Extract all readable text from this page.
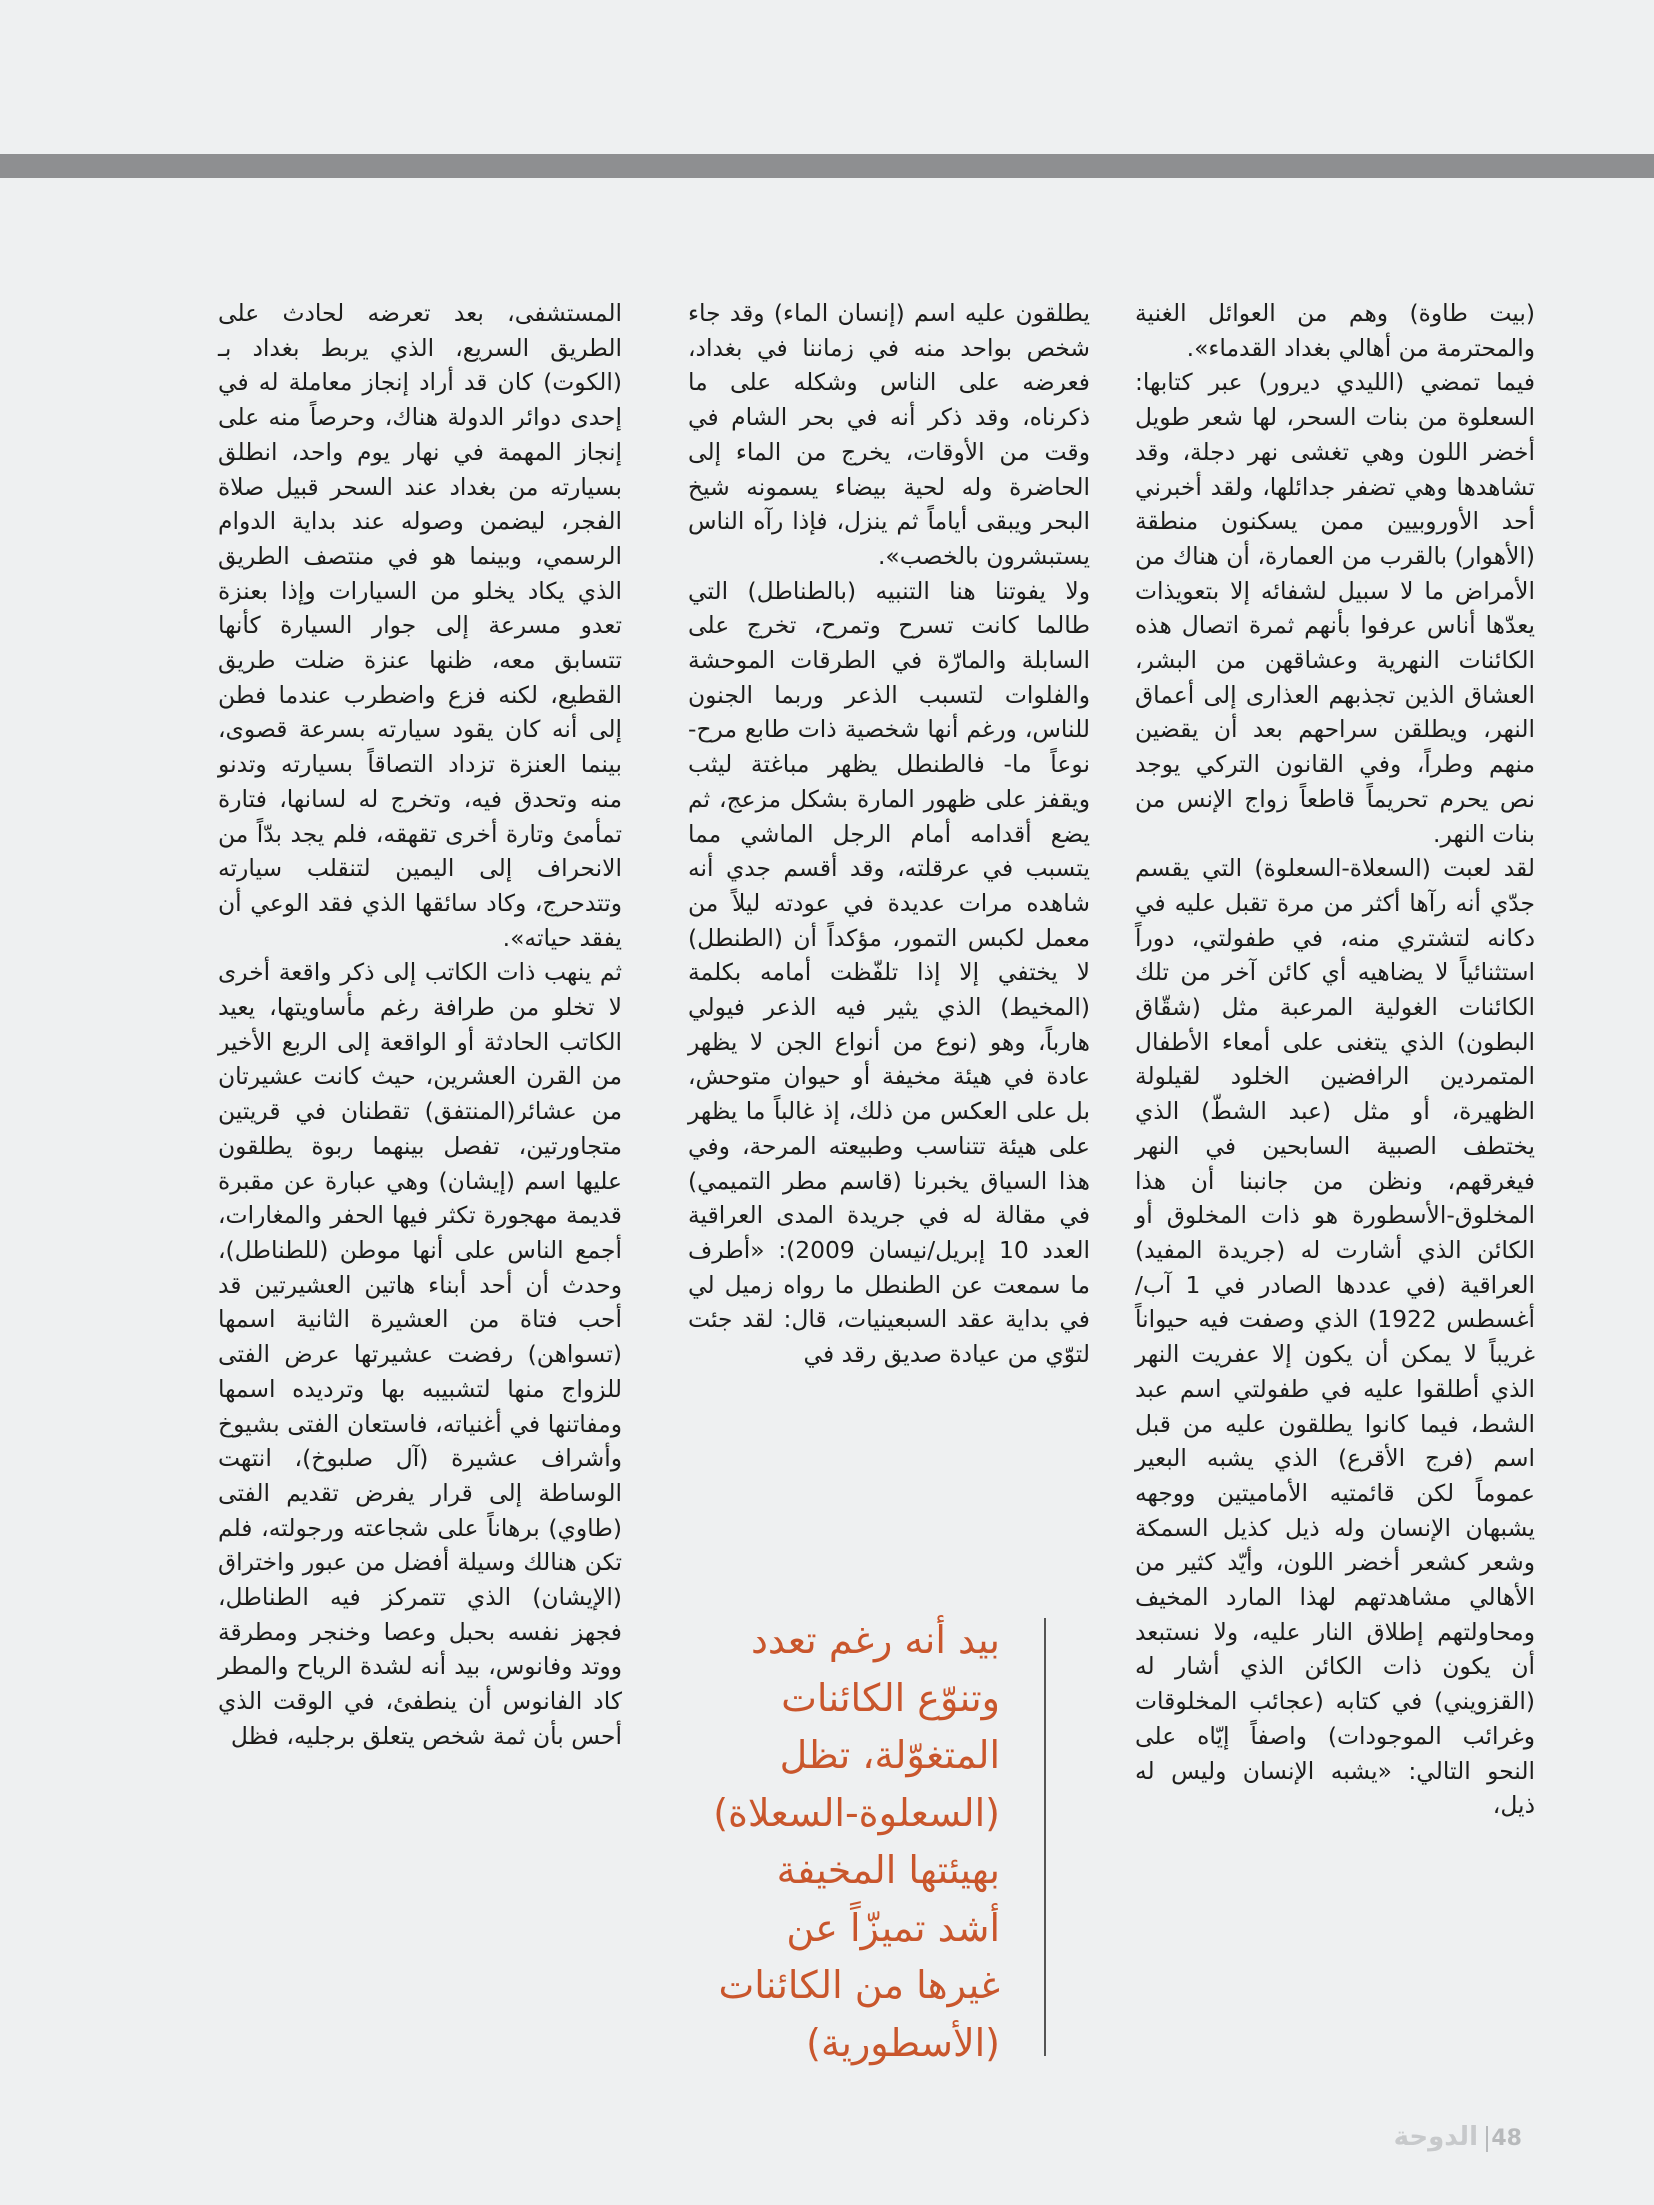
(بيت طاوة) وهم من العوائل الغنية والمحترمة من أهالي بغداد القدماء».
فيما تمضي (الليدي ديرور) عبر كتابها: السعلوة من بنات السحر، لها شعر طويل أخضر اللون وهي تغشى نهر دجلة، وقد تشاهدها وهي تضفر جدائلها، ولقد أخبرني أحد الأوروبيين ممن يسكنون منطقة (الأهوار) بالقرب من العمارة، أن هناك من الأمراض ما لا سبيل لشفائه إلا بتعويذات يعدّها أناس عرفوا بأنهم ثمرة اتصال هذه الكائنات النهرية وعشاقهن من البشر، العشاق الذين تجذبهم العذارى إلى أعماق النهر، ويطلقن سراحهم بعد أن يقضين منهم وطراً، وفي القانون التركي يوجد نص يحرم تحريماً قاطعاً زواج الإنس من بنات النهر.
لقد لعبت (السعلاة-السعلوة) التي يقسم جدّي أنه رآها أكثر من مرة تقبل عليه في دكانه لتشتري منه، في طفولتي، دوراً استثنائياً لا يضاهيه أي كائن آخر من تلك الكائنات الغولية المرعبة مثل (شقّاق البطون) الذي يتغنى على أمعاء الأطفال المتمردين الرافضين الخلود لقيلولة الظهيرة، أو مثل (عبد الشطّ) الذي يختطف الصبية السابحين في النهر فيغرقهم، ونظن من جانبنا أن هذا المخلوق-الأسطورة هو ذات المخلوق أو الكائن الذي أشارت له (جريدة المفيد) العراقية (في عددها الصادر في 1 آب/أغسطس 1922) الذي وصفت فيه حيواناً غريباً لا يمكن أن يكون إلا عفريت النهر الذي أطلقوا عليه في طفولتي اسم عبد الشط، فيما كانوا يطلقون عليه من قبل اسم (فرج الأقرع) الذي يشبه البعير عموماً لكن قائمتيه الأماميتين ووجهه يشبهان الإنسان وله ذيل كذيل السمكة وشعر كشعر أخضر اللون، وأيّد كثير من الأهالي مشاهدتهم لهذا المارد المخيف ومحاولتهم إطلاق النار عليه، ولا نستبعد أن يكون ذات الكائن الذي أشار له (القزويني) في كتابه (عجائب المخلوقات وغرائب الموجودات) واصفاً إيّاه على النحو التالي: «يشبه الإنسان وليس له ذيل،

يطلقون عليه اسم (إنسان الماء) وقد جاء شخص بواحد منه في زماننا في بغداد، فعرضه على الناس وشكله على ما ذكرناه، وقد ذكر أنه في بحر الشام في وقت من الأوقات، يخرج من الماء إلى الحاضرة وله لحية بيضاء يسمونه شيخ البحر ويبقى أياماً ثم ينزل، فإذا رآه الناس يستبشرون بالخصب».
ولا يفوتنا هنا التنبيه (بالطناطل) التي طالما كانت تسرح وتمرح، تخرج على السابلة والمارّة في الطرقات الموحشة والفلوات لتسبب الذعر وربما الجنون للناس، ورغم أنها شخصية ذات طابع مرح-نوعاً ما- فالطنطل يظهر مباغتة ليثب ويقفز على ظهور المارة بشكل مزعج، ثم يضع أقدامه أمام الرجل الماشي مما يتسبب في عرقلته، وقد أقسم جدي أنه شاهده مرات عديدة في عودته ليلاً من معمل لكبس التمور، مؤكداً أن (الطنطل) لا يختفي إلا إذا تلفّظت أمامه بكلمة (المخيط) الذي يثير فيه الذعر فيولي هارباً، وهو (نوع من أنواع الجن لا يظهر عادة في هيئة مخيفة أو حيوان متوحش، بل على العكس من ذلك، إذ غالباً ما يظهر على هيئة تتناسب وطبيعته المرحة، وفي هذا السياق يخبرنا (قاسم مطر التميمي) في مقالة له في جريدة المدى العراقية العدد 10 إبريل/نيسان 2009): «أطرف ما سمعت عن الطنطل ما رواه زميل لي في بداية عقد السبعينيات، قال: لقد جئت لتوّي من عيادة صديق رقد في

المستشفى، بعد تعرضه لحادث على الطريق السريع، الذي يربط بغداد بـ (الكوت) كان قد أراد إنجاز معاملة له في إحدى دوائر الدولة هناك، وحرصاً منه على إنجاز المهمة في نهار يوم واحد، انطلق بسيارته من بغداد عند السحر قبيل صلاة الفجر، ليضمن وصوله عند بداية الدوام الرسمي، وبينما هو في منتصف الطريق الذي يكاد يخلو من السيارات وإذا بعنزة تعدو مسرعة إلى جوار السيارة كأنها تتسابق معه، ظنها عنزة ضلت طريق القطيع، لكنه فزع واضطرب عندما فطن إلى أنه كان يقود سيارته بسرعة قصوى، بينما العنزة تزداد التصاقاً بسيارته وتدنو منه وتحدق فيه، وتخرج له لسانها، فتارة تمأمئ وتارة أخرى تقهقه، فلم يجد بدّاً من الانحراف إلى اليمين لتنقلب سيارته وتتدحرج، وكاد سائقها الذي فقد الوعي أن يفقد حياته».
ثم ينهب ذات الكاتب إلى ذكر واقعة أخرى لا تخلو من طرافة رغم مأساويتها، يعيد الكاتب الحادثة أو الواقعة إلى الربع الأخير من القرن العشرين، حيث كانت عشيرتان من عشائر(المنتفق) تقطنان في قريتين متجاورتين، تفصل بينهما ربوة يطلقون عليها اسم (إيشان) وهي عبارة عن مقبرة قديمة مهجورة تكثر فيها الحفر والمغارات، أجمع الناس على أنها موطن (للطناطل)، وحدث أن أحد أبناء هاتين العشيرتين قد أحب فتاة من العشيرة الثانية اسمها (تسواهن) رفضت عشيرتها عرض الفتى للزواج منها لتشبيبه بها وترديده اسمها ومفاتنها في أغنياته، فاستعان الفتى بشيوخ وأشراف عشيرة (آل صلبوخ)، انتهت الوساطة إلى قرار يفرض تقديم الفتى (طاوي) برهاناً على شجاعته ورجولته، فلم تكن هنالك وسيلة أفضل من عبور واختراق (الإيشان) الذي تتمركز فيه الطناطل، فجهز نفسه بحبل وعصا وخنجر ومطرقة ووتد وفانوس، بيد أنه لشدة الرياح والمطر كاد الفانوس أن ينطفئ، في الوقت الذي أحس بأن ثمة شخص يتعلق برجليه، فظل

بيد أنه رغم تعدد
وتنوّع الكائنات
المتغوّلة، تظل
(السعلوة-السعلاة)
بهيئتها المخيفة
أشد تميزّاً عن
غيرها من الكائنات
(الأسطورية)

48
الدوحة
